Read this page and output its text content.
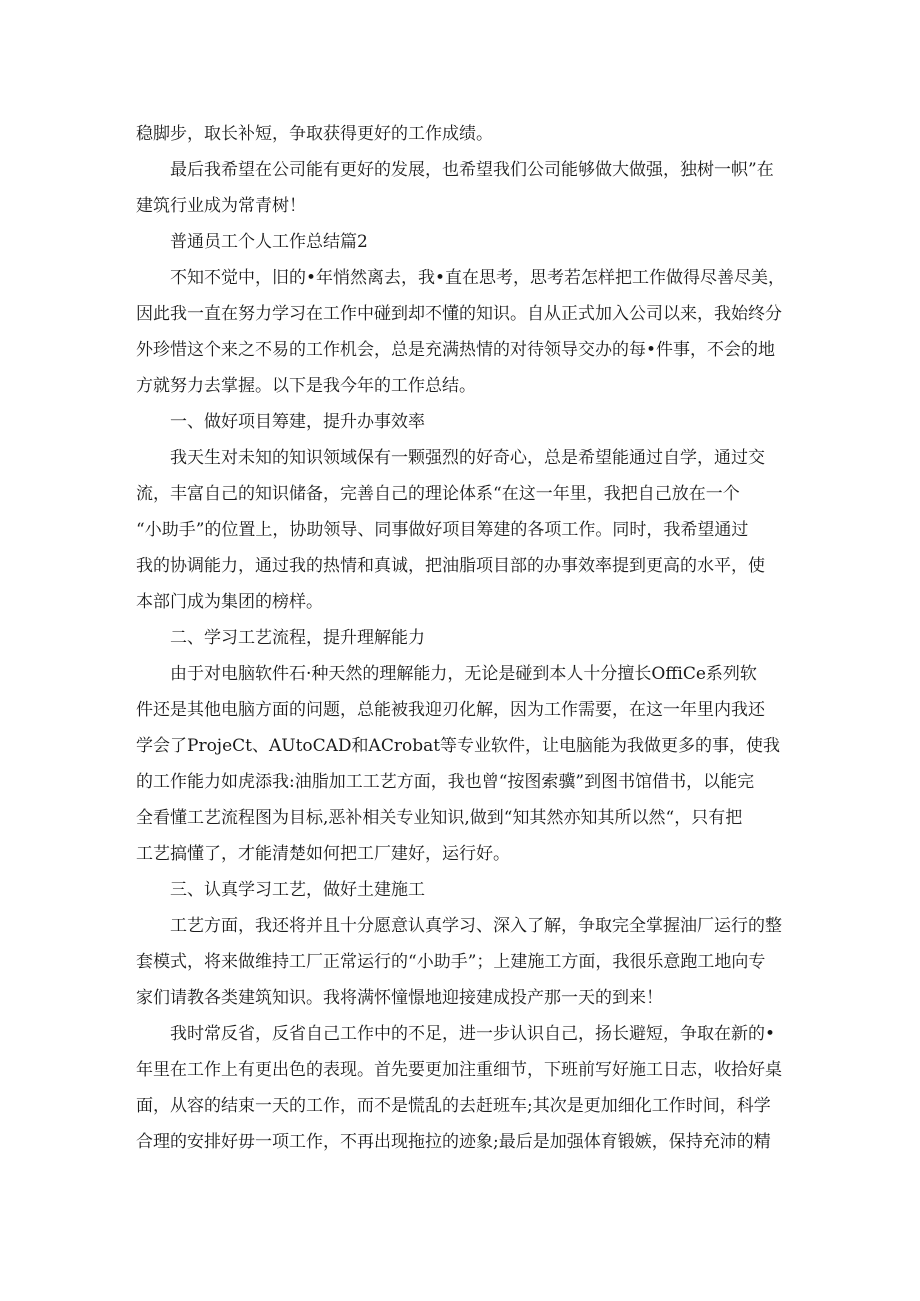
稳脚步，取长补短，争取获得更好的工作成绩。
最后我希望在公司能有更好的发展，也希望我们公司能够做大做强，独树一帜”在
建筑行业成为常青树！
普通员工个人工作总结篇2
不知不觉中，旧的•年悄然离去，我•直在思考，思考若怎样把工作做得尽善尽美，
因此我一直在努力学习在工作中碰到却不懂的知识。自从正式加入公司以来，我始终分
外珍惜这个来之不易的工作机会，总是充满热情的对待领导交办的每•件事，不会的地
方就努力去掌握。以下是我今年的工作总结。
一、做好项目筹建，提升办事效率
我天生对未知的知识领域保有一颗强烈的好奇心，总是希望能通过自学，通过交
流，丰富自己的知识储备，完善自己的理论体系“在这一年里，我把自己放在一个
“小助手”的位置上，协助领导、同事做好项目筹建的各项工作。同时，我希望通过
我的协调能力，通过我的热情和真诚，把油脂项目部的办事效率提到更高的水平，使
本部门成为集团的榜样。
二、学习工艺流程，提升理解能力
由于对电脑软件石·种天然的理解能力，无论是碰到本人十分擅长OffiCe系列软
件还是其他电脑方面的问题，总能被我迎刃化解，因为工作需要，在这一年里内我还
学会了ProjeCt、AUtoCAD和ACrobat等专业软件，让电脑能为我做更多的事，使我
的工作能力如虎添我:油脂加工工艺方面，我也曾“按图索骥”到图书馆借书，以能完
全看懂工艺流程图为目标,恶补相关专业知识,做到“知其然亦知其所以然“，只有把
工艺搞懂了，才能清楚如何把工厂建好，运行好。
三、认真学习工艺，做好土建施工
工艺方面，我还将并且十分愿意认真学习、深入了解，争取完全掌握油厂运行的整
套模式，将来做维持工厂正常运行的“小助手”；上建施工方面，我很乐意跑工地向专
家们请教各类建筑知识。我将满怀憧憬地迎接建成投产那一天的到来！
我时常反省，反省自己工作中的不足，进一步认识自己，扬长避短，争取在新的•
年里在工作上有更出色的表现。首先要更加注重细节，下班前写好施工日志，收拾好桌
面，从容的结束一天的工作，而不是慌乱的去赶班车;其次是更加细化工作时间，科学
合理的安排好毋一项工作，不再出现拖拉的迹象;最后是加强体育锻嫉，保持充沛的精
